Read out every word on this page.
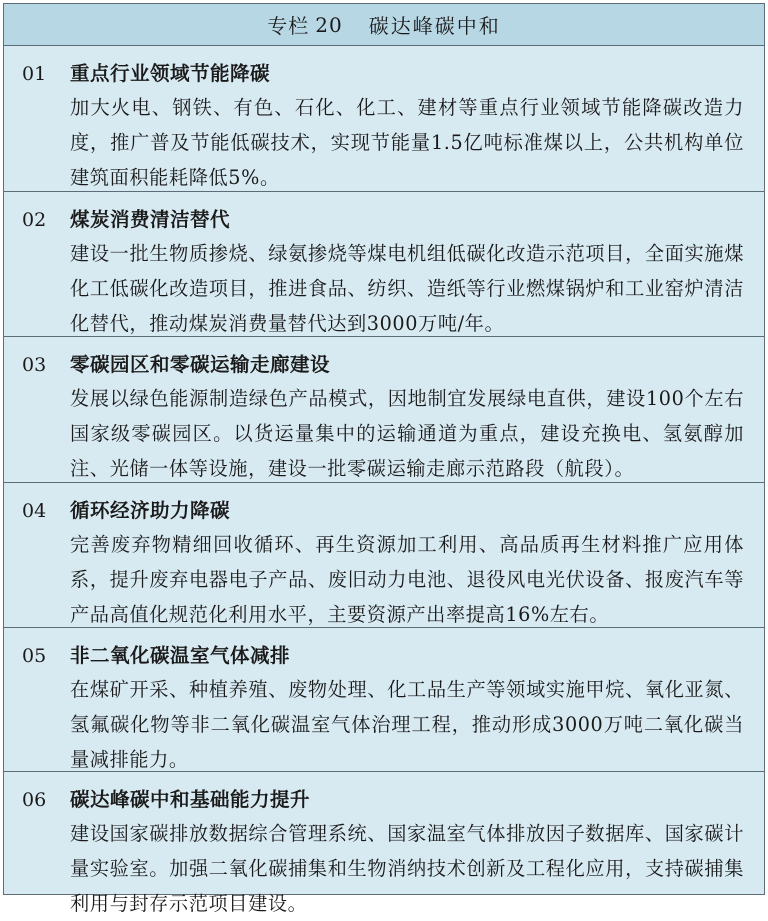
专栏 20 碳达峰碳中和
01	重点行业领域节能降碳
加大火电、钢铁、有色、石化、化工、建材等重点行业领域节能降碳改造力度，推广普及节能低碳技术，实现节能量1.5亿吨标准煤以上，公共机构单位建筑面积能耗降低5%。
02	煤炭消费清洁替代
建设一批生物质掺烧、绿氨掺烧等煤电机组低碳化改造示范项目，全面实施煤化工低碳化改造项目，推进食品、纺织、造纸等行业燃煤锅炉和工业窑炉清洁化替代，推动煤炭消费量替代达到3000万吨/年。
03	零碳园区和零碳运输走廊建设
发展以绿色能源制造绿色产品模式，因地制宜发展绿电直供，建设100个左右国家级零碳园区。以货运量集中的运输通道为重点，建设充换电、氢氨醇加注、光储一体等设施，建设一批零碳运输走廊示范路段（航段）。
04	循环经济助力降碳
完善废弃物精细回收循环、再生资源加工利用、高品质再生材料推广应用体系，提升废弃电器电子产品、废旧动力电池、退役风电光伏设备、报废汽车等产品高值化规范化利用水平，主要资源产出率提高16%左右。
05	非二氧化碳温室气体减排
在煤矿开采、种植养殖、废物处理、化工品生产等领域实施甲烷、氧化亚氮、氢氟碳化物等非二氧化碳温室气体治理工程，推动形成3000万吨二氧化碳当量减排能力。
06	碳达峰碳中和基础能力提升
建设国家碳排放数据综合管理系统、国家温室气体排放因子数据库、国家碳计量实验室。加强二氧化碳捕集和生物消纳技术创新及工程化应用，支持碳捕集利用与封存示范项目建设。
